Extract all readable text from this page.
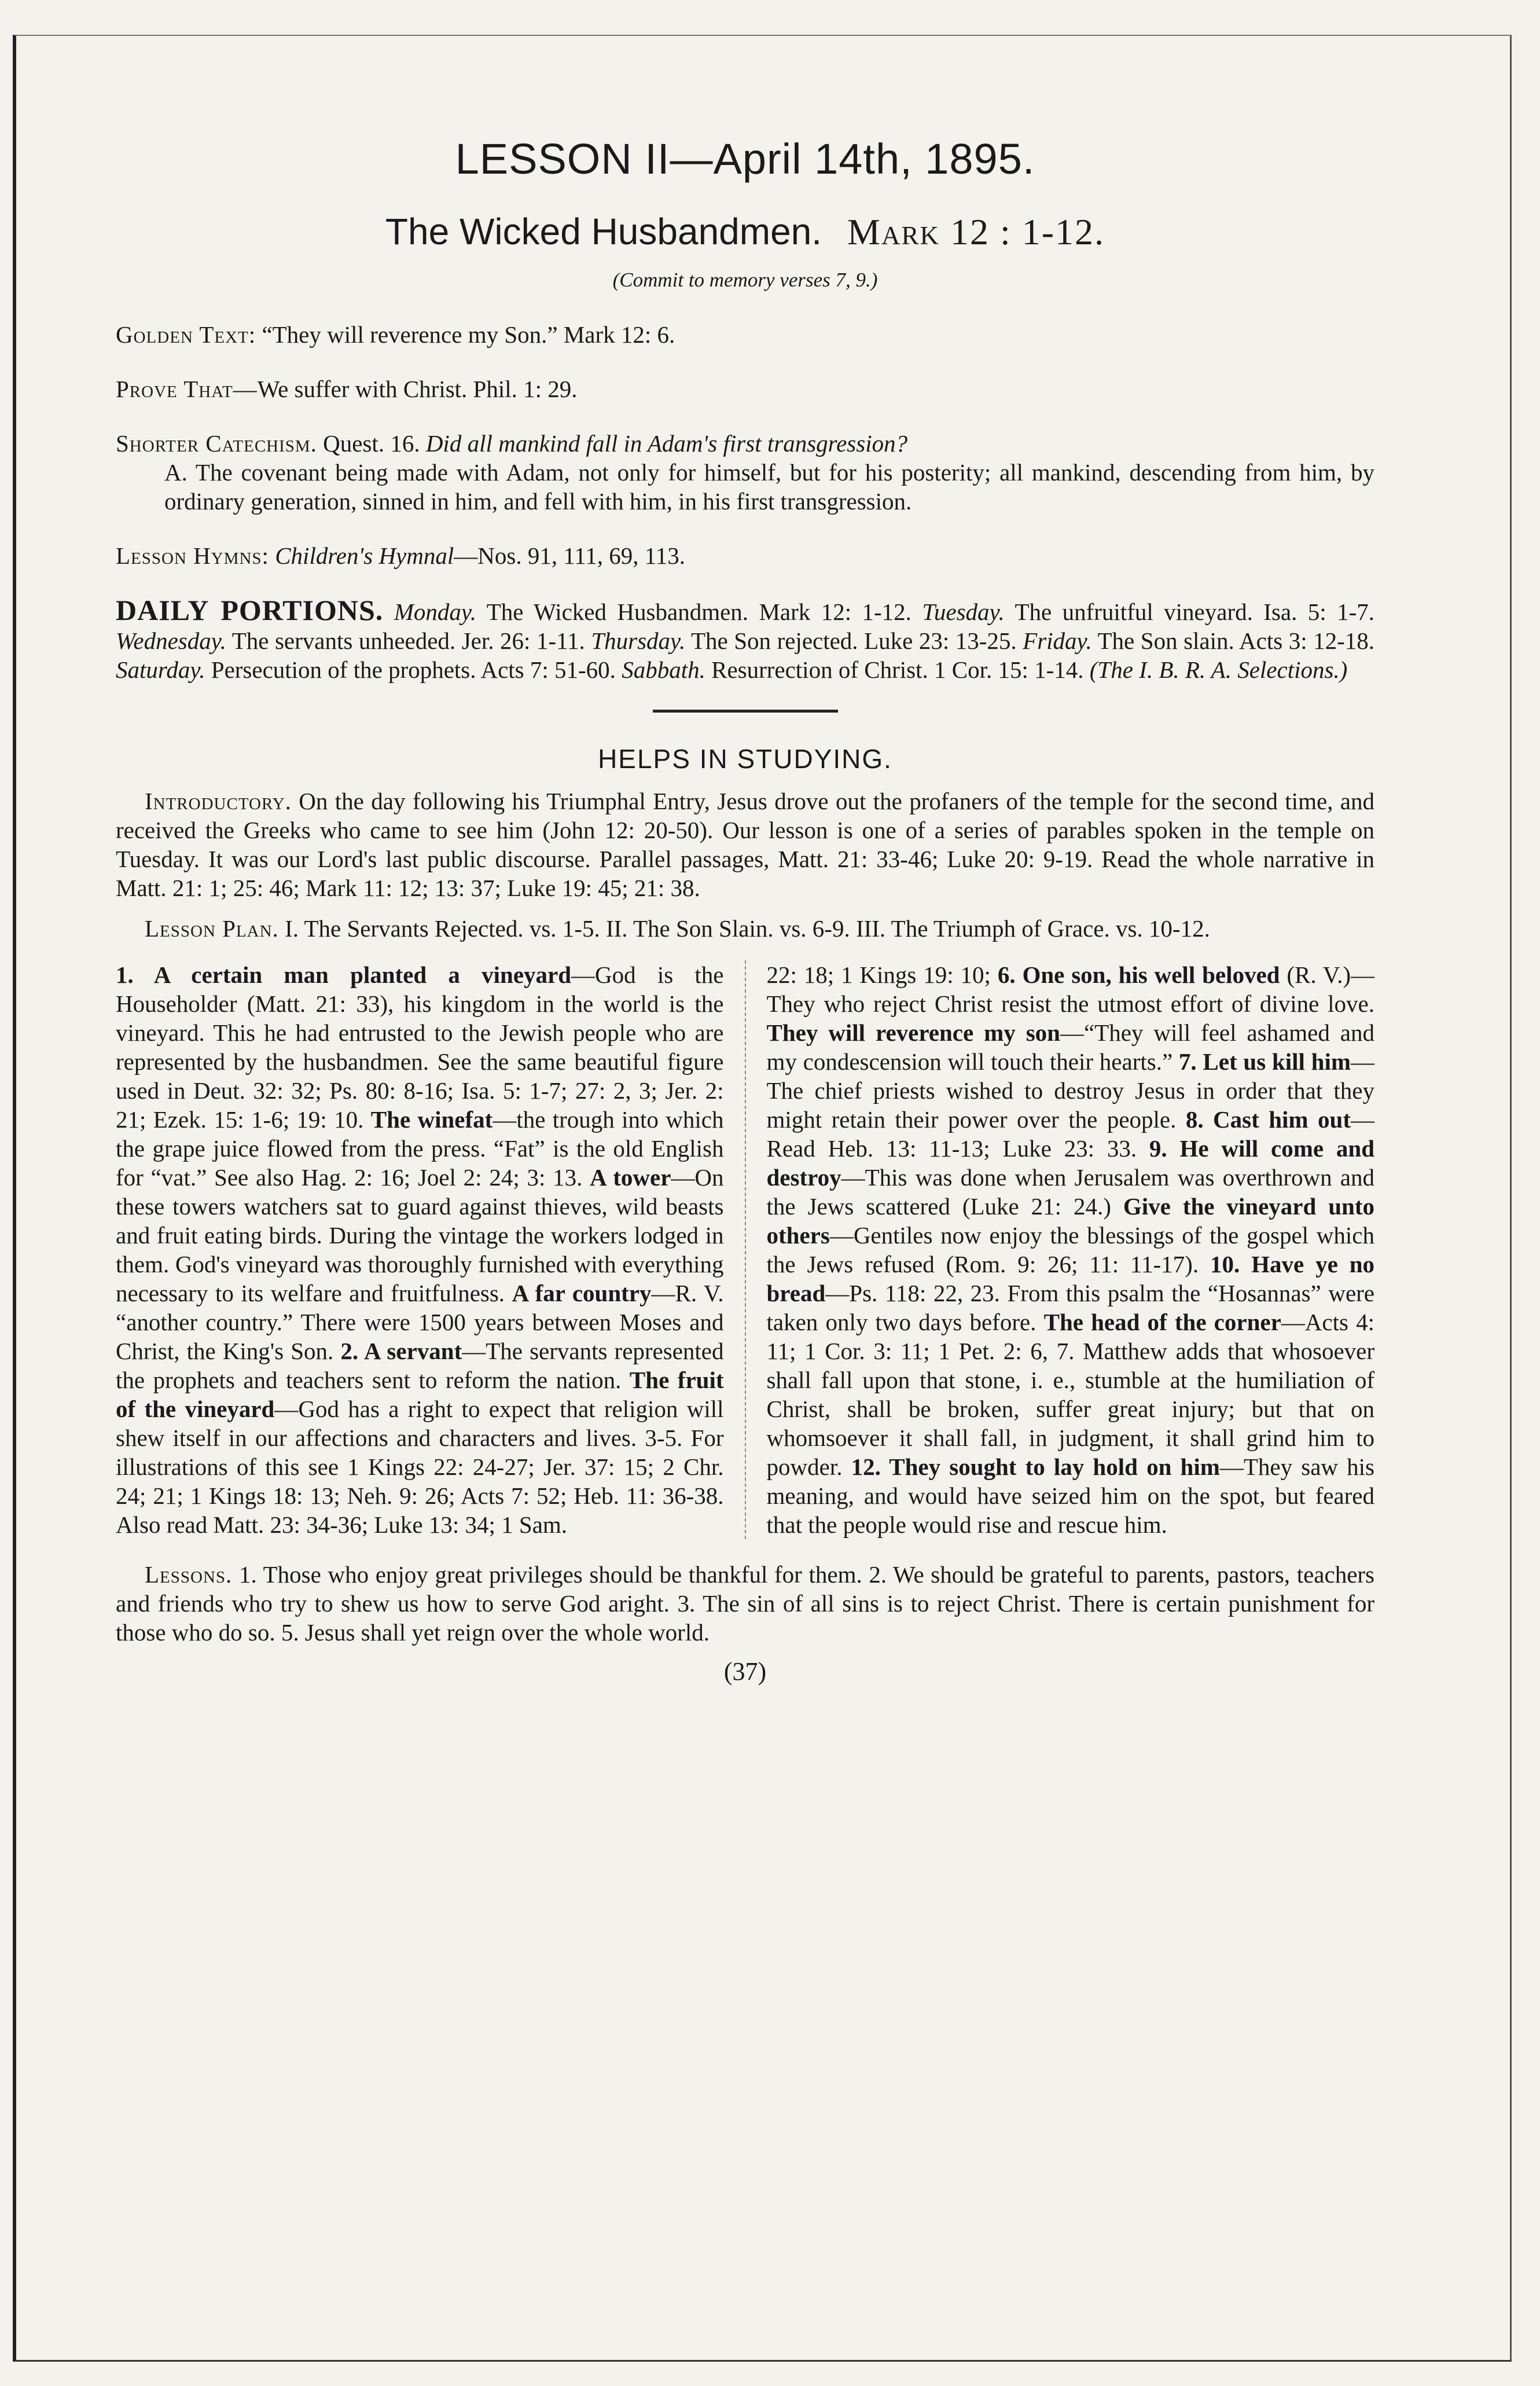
LESSON II—April 14th, 1895.
The Wicked Husbandmen. Mark 12 : 1-12.
(Commit to memory verses 7, 9.)
Golden Text: “They will reverence my Son.” Mark 12: 6.
Prove That—We suffer with Christ. Phil. 1: 29.
Shorter Catechism. Quest. 16. Did all mankind fall in Adam's first transgression?
A. The covenant being made with Adam, not only for himself, but for his posterity; all mankind, descending from him, by ordinary generation, sinned in him, and fell with him, in his first transgression.
Lesson Hymns: Children's Hymnal—Nos. 91, 111, 69, 113.
DAILY PORTIONS. Monday. The Wicked Husbandmen. Mark 12: 1-12. Tuesday. The unfruitful vineyard. Isa. 5: 1-7. Wednesday. The servants unheeded. Jer. 26: 1-11. Thursday. The Son rejected. Luke 23: 13-25. Friday. The Son slain. Acts 3: 12-18. Saturday. Persecution of the prophets. Acts 7: 51-60. Sabbath. Resurrection of Christ. 1 Cor. 15: 1-14. (The I. B. R. A. Selections.)
HELPS IN STUDYING.
Introductory. On the day following his Triumphal Entry, Jesus drove out the profaners of the temple for the second time, and received the Greeks who came to see him (John 12: 20-50). Our lesson is one of a series of parables spoken in the temple on Tuesday. It was our Lord's last public discourse. Parallel passages, Matt. 21: 33-46; Luke 20: 9-19. Read the whole narrative in Matt. 21: 1; 25: 46; Mark 11: 12; 13: 37; Luke 19: 45; 21: 38.
Lesson Plan. I. The Servants Rejected. vs. 1-5. II. The Son Slain. vs. 6-9. III. The Triumph of Grace. vs. 10-12.
1. A certain man planted a vineyard—God is the Householder (Matt. 21: 33), his kingdom in the world is the vineyard. This he had entrusted to the Jewish people who are represented by the husbandmen. See the same beautiful figure used in Deut. 32: 32; Ps. 80: 8-16; Isa. 5: 1-7; 27: 2, 3; Jer. 2: 21; Ezek. 15: 1-6; 19: 10. The winefat—the trough into which the grape juice flowed from the press. “Fat” is the old English for “vat.” See also Hag. 2: 16; Joel 2: 24; 3: 13. A tower—On these towers watchers sat to guard against thieves, wild beasts and fruit eating birds. During the vintage the workers lodged in them. God's vineyard was thoroughly furnished with everything necessary to its welfare and fruitfulness. A far country—R. V. “another country.” There were 1500 years between Moses and Christ, the King's Son. 2. A servant—The servants represented the prophets and teachers sent to reform the nation. The fruit of the vineyard—God has a right to expect that religion will shew itself in our affections and characters and lives. 3-5. For illustrations of this see 1 Kings 22: 24-27; Jer. 37: 15; 2 Chr. 24; 21; 1 Kings 18: 13; Neh. 9: 26; Acts 7: 52; Heb. 11: 36-38. Also read Matt. 23: 34-36; Luke 13: 34; 1 Sam.
22: 18; 1 Kings 19: 10; 6. One son, his well beloved (R. V.)—They who reject Christ resist the utmost effort of divine love. They will reverence my son—“They will feel ashamed and my condescension will touch their hearts.” 7. Let us kill him—The chief priests wished to destroy Jesus in order that they might retain their power over the people. 8. Cast him out—Read Heb. 13: 11-13; Luke 23: 33. 9. He will come and destroy—This was done when Jerusalem was overthrown and the Jews scattered (Luke 21: 24.) Give the vineyard unto others—Gentiles now enjoy the blessings of the gospel which the Jews refused (Rom. 9: 26; 11: 11-17). 10. Have ye no bread—Ps. 118: 22, 23. From this psalm the “Hosannas” were taken only two days before. The head of the corner—Acts 4: 11; 1 Cor. 3: 11; 1 Pet. 2: 6, 7. Matthew adds that whosoever shall fall upon that stone, i. e., stumble at the humiliation of Christ, shall be broken, suffer great injury; but that on whomsoever it shall fall, in judgment, it shall grind him to powder. 12. They sought to lay hold on him—They saw his meaning, and would have seized him on the spot, but feared that the people would rise and rescue him.
Lessons. 1. Those who enjoy great privileges should be thankful for them. 2. We should be grateful to parents, pastors, teachers and friends who try to shew us how to serve God aright. 3. The sin of all sins is to reject Christ. There is certain punishment for those who do so. 5. Jesus shall yet reign over the whole world.
(37)
